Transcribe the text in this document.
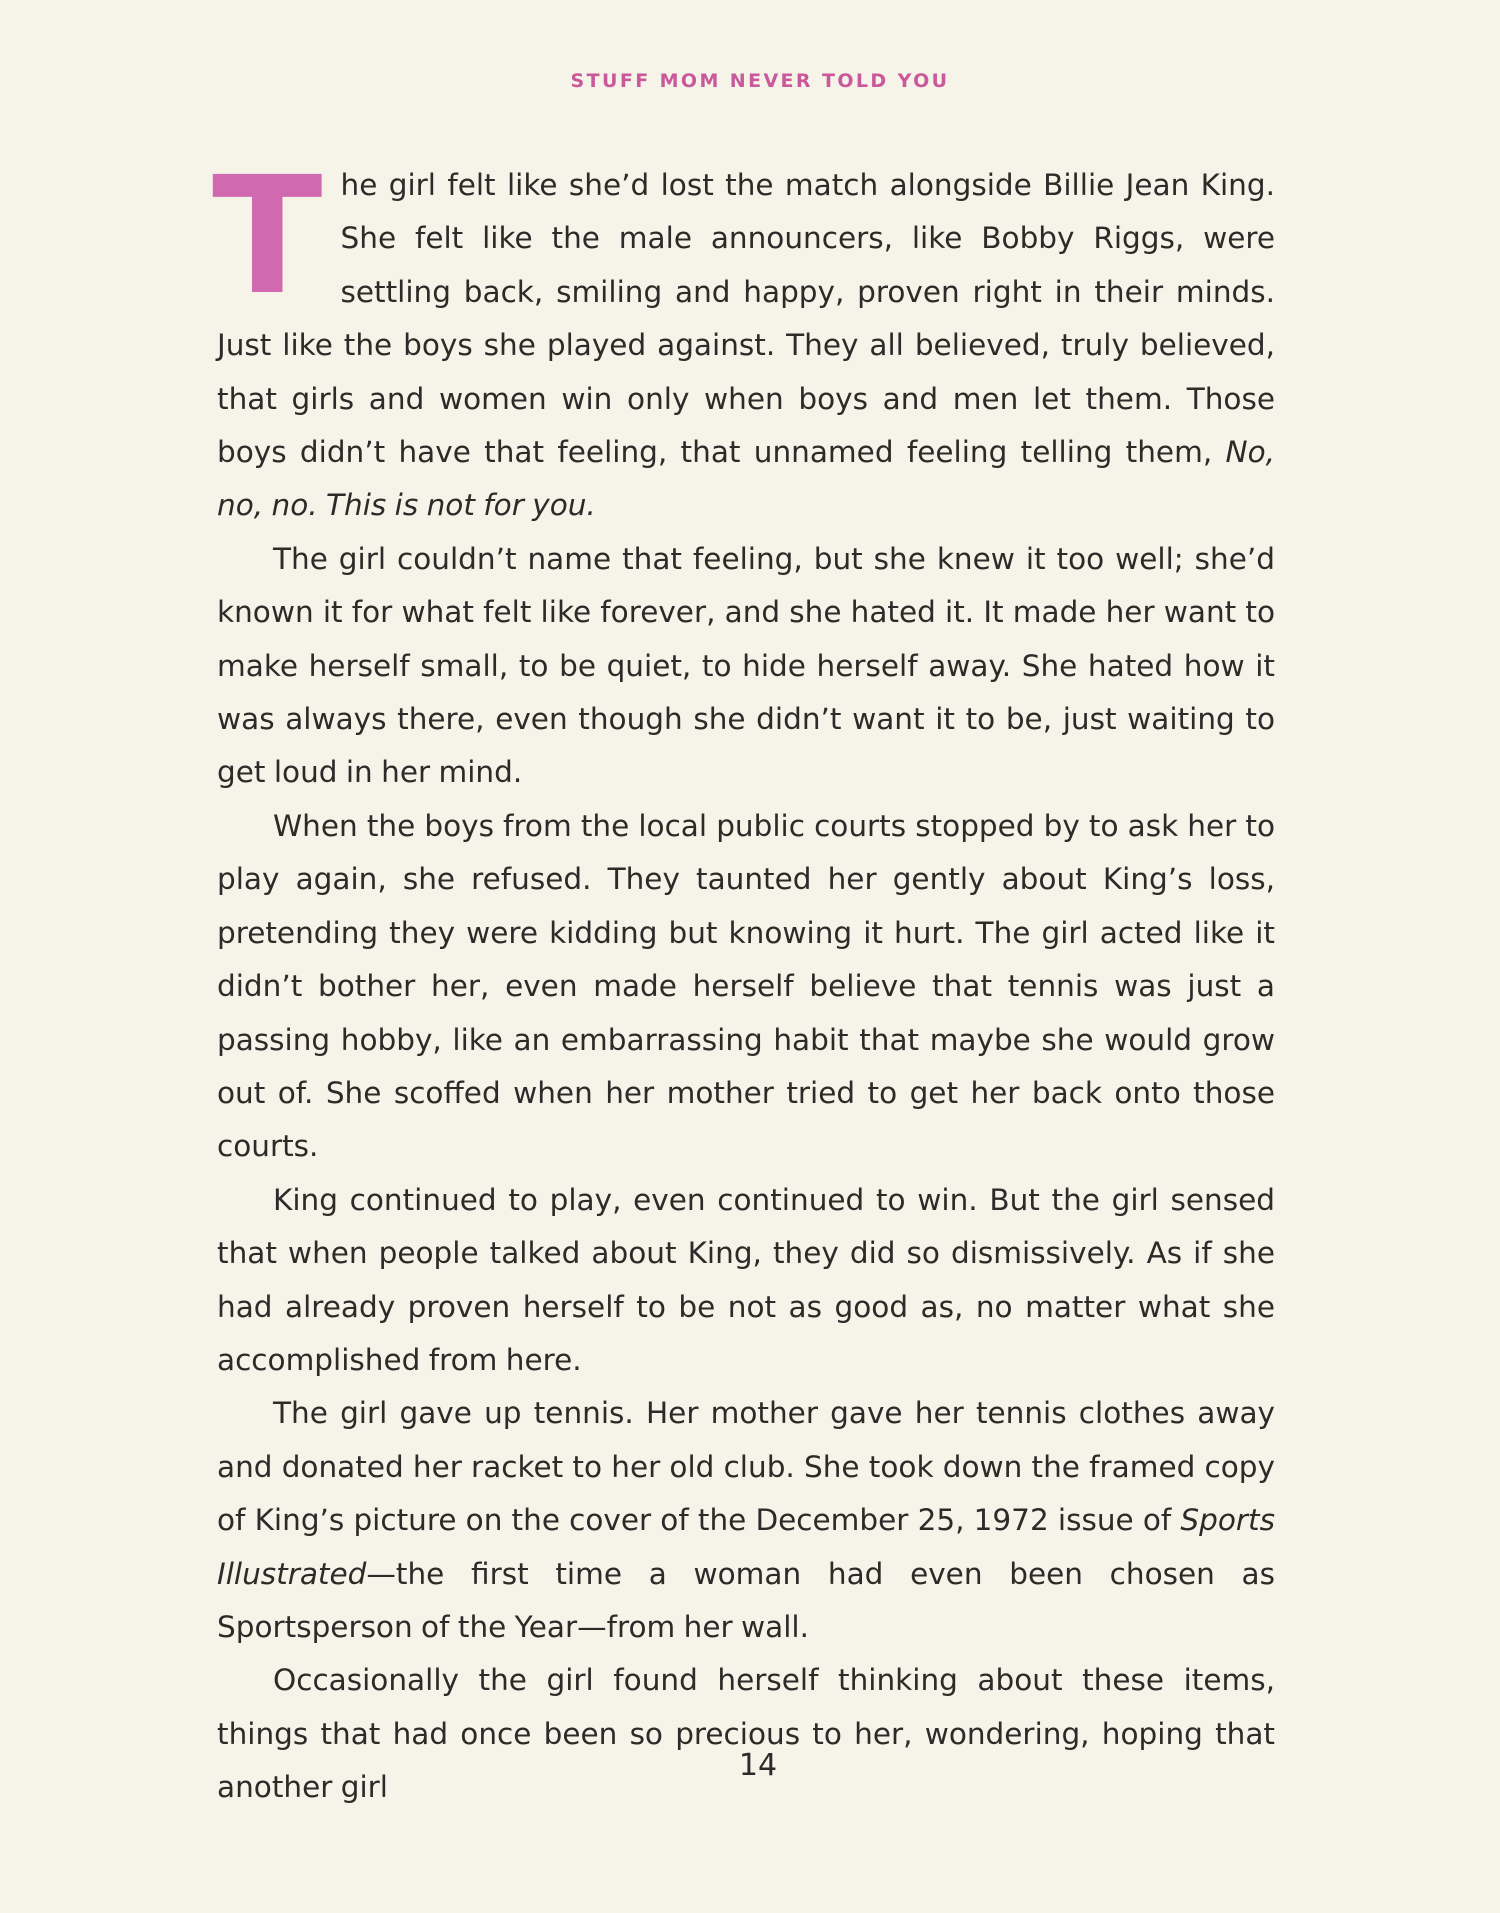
STUFF MOM NEVER TOLD YOU

The girl felt like she’d lost the match alongside Billie Jean King. She felt like the male announcers, like Bobby Riggs, were settling back, smiling and happy, proven right in their minds. Just like the boys she played against. They all believed, truly believed, that girls and women win only when boys and men let them. Those boys didn’t have that feeling, that unnamed feeling telling them, No, no, no. This is not for you.

The girl couldn’t name that feeling, but she knew it too well; she’d known it for what felt like forever, and she hated it. It made her want to make herself small, to be quiet, to hide herself away. She hated how it was always there, even though she didn’t want it to be, just waiting to get loud in her mind.

When the boys from the local public courts stopped by to ask her to play again, she refused. They taunted her gently about King’s loss, pretending they were kidding but knowing it hurt. The girl acted like it didn’t bother her, even made herself believe that tennis was just a passing hobby, like an embarrassing habit that maybe she would grow out of. She scoffed when her mother tried to get her back onto those courts.

King continued to play, even continued to win. But the girl sensed that when people talked about King, they did so dismissively. As if she had already proven herself to be not as good as, no matter what she accomplished from here.

The girl gave up tennis. Her mother gave her tennis clothes away and donated her racket to her old club. She took down the framed copy of King’s picture on the cover of the December 25, 1972 issue of Sports Illustrated—the first time a woman had even been chosen as Sportsperson of the Year—from her wall.

Occasionally the girl found herself thinking about these items, things that had once been so precious to her, wondering, hoping that another girl

14
